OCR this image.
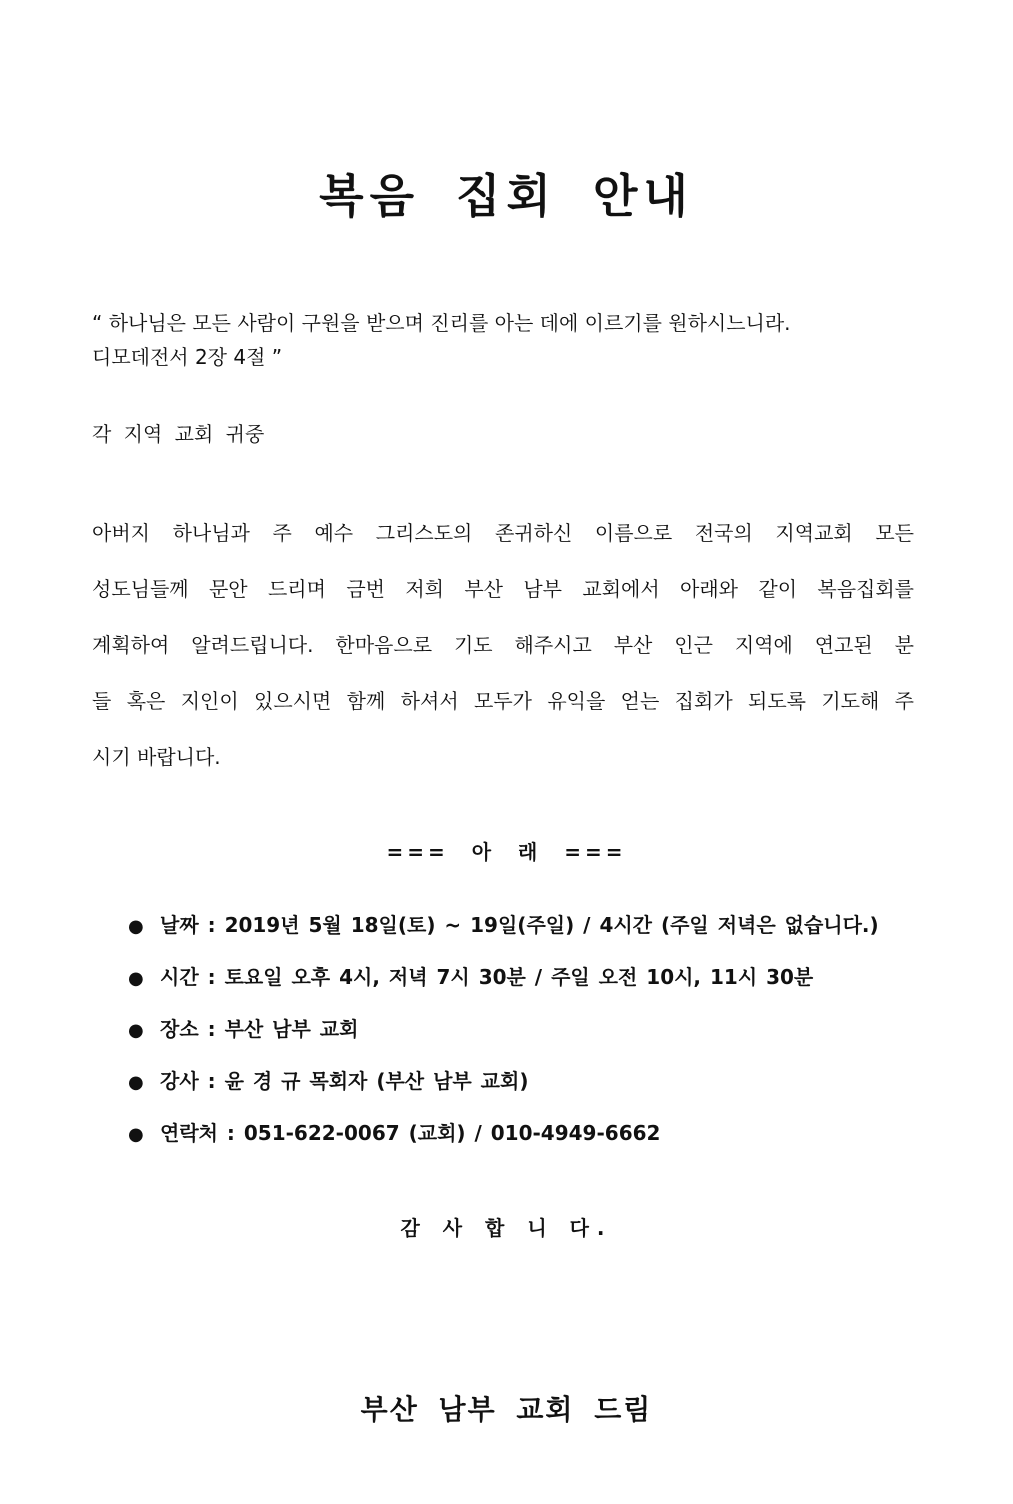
복음 집회 안내
“ 하나님은 모든 사람이 구원을 받으며 진리를 아는 데에 이르기를 원하시느니라.
디모데전서 2장 4절 ”
각 지역 교회 귀중
아버지 하나님과 주 예수 그리스도의 존귀하신 이름으로 전국의 지역교회 모든
성도님들께 문안 드리며 금번 저희 부산 남부 교회에서 아래와 같이 복음집회를
계획하여 알려드립니다. 한마음으로 기도 해주시고 부산 인근 지역에 연고된 분
들 혹은 지인이 있으시면 함께 하셔서 모두가 유익을 얻는 집회가 되도록 기도해 주
시기 바랍니다.
=== 아 래 ===
● 날짜 : 2019년 5월 18일(토) ~ 19일(주일) / 4시간 (주일 저녁은 없습니다.)
● 시간 : 토요일 오후 4시, 저녁 7시 30분 / 주일 오전 10시, 11시 30분
● 장소 : 부산 남부 교회
● 강사 : 윤 경 규 목회자 (부산 남부 교회)
● 연락처 : 051-622-0067 (교회) / 010-4949-6662
감 사 합 니 다.
부산 남부 교회 드림
